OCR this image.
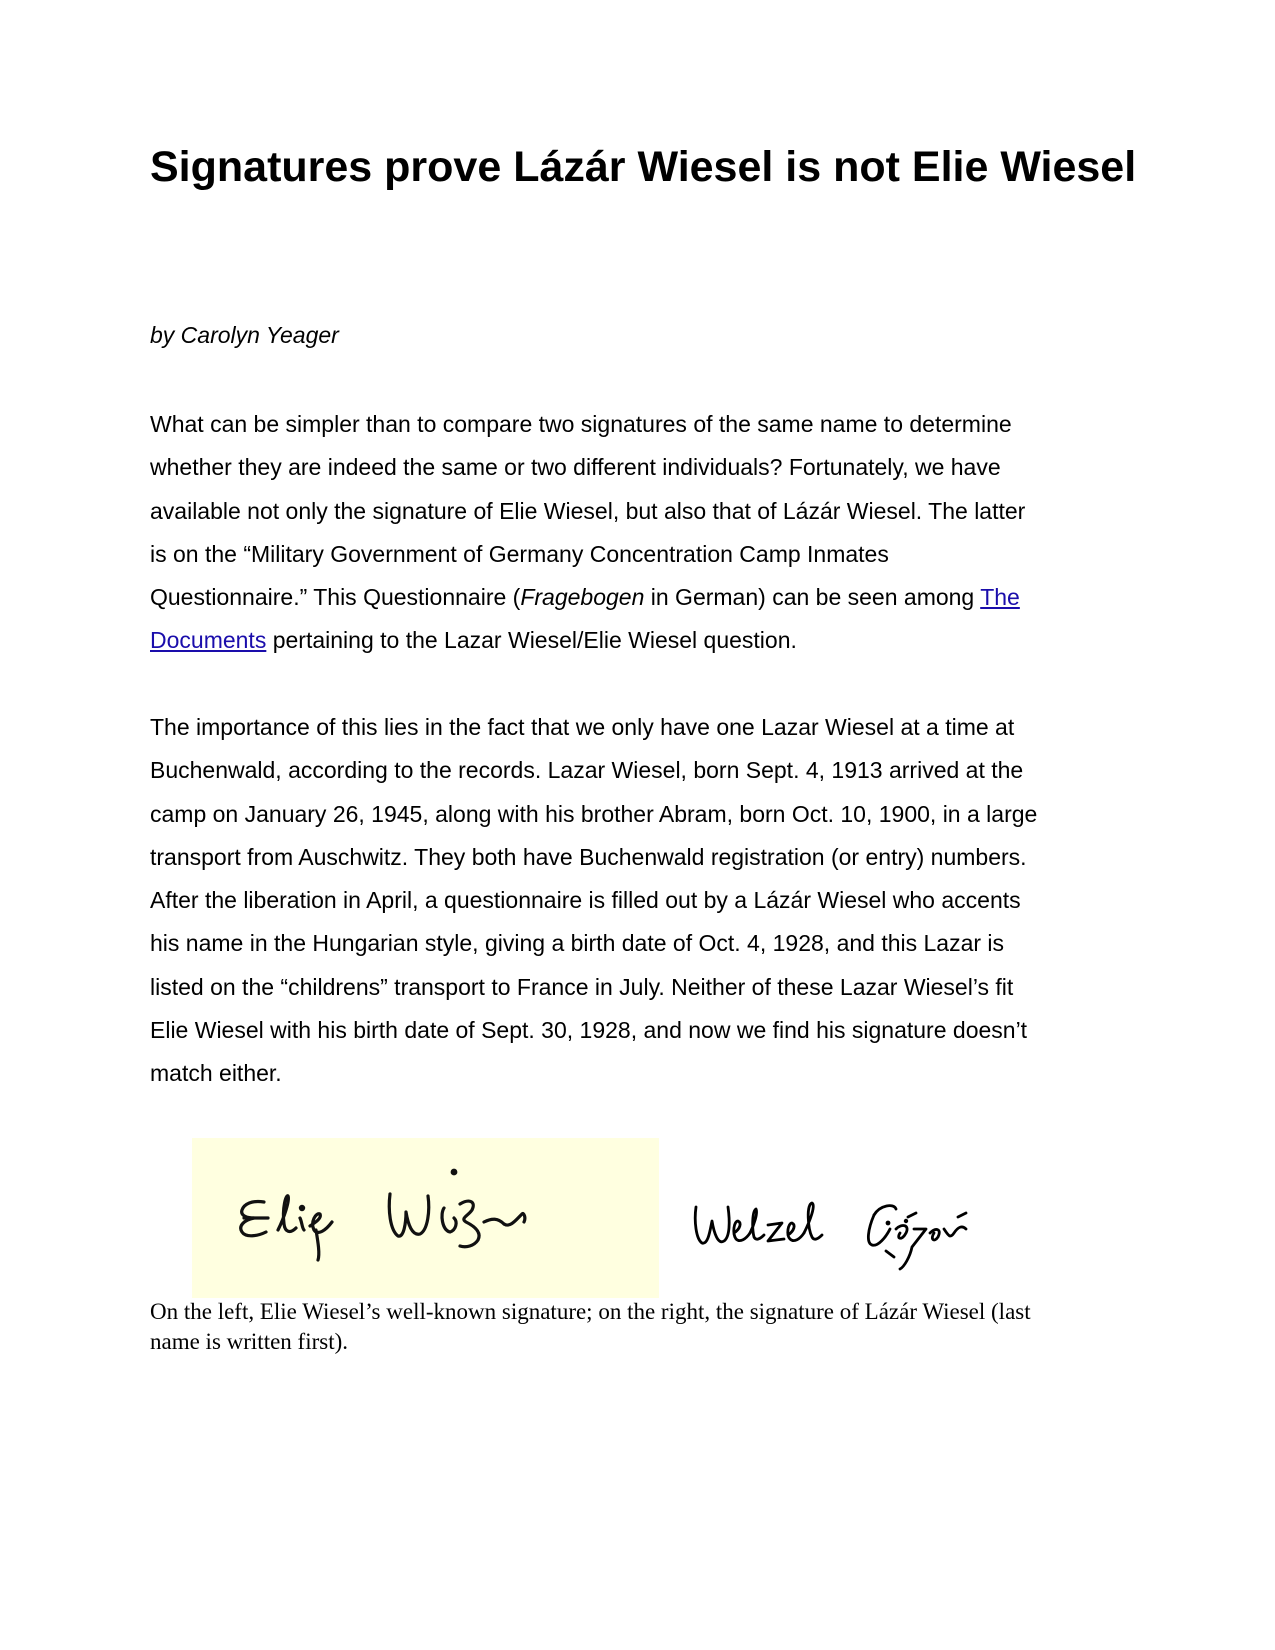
Signatures prove Lázár Wiesel is not Elie Wiesel

by Carolyn Yeager

What can be simpler than to compare two signatures of the same name to determine
whether they are indeed the same or two different individuals? Fortunately, we have
available not only the signature of Elie Wiesel, but also that of Lázár Wiesel. The latter
is on the “Military Government of Germany Concentration Camp Inmates
Questionnaire.” This Questionnaire (Fragebogen in German) can be seen among The
Documents pertaining to the Lazar Wiesel/Elie Wiesel question.

The importance of this lies in the fact that we only have one Lazar Wiesel at a time at
Buchenwald, according to the records. Lazar Wiesel, born Sept. 4, 1913 arrived at the
camp on January 26, 1945, along with his brother Abram, born Oct. 10, 1900, in a large
transport from Auschwitz. They both have Buchenwald registration (or entry) numbers.
After the liberation in April, a questionnaire is filled out by a Lázár Wiesel who accents
his name in the Hungarian style, giving a birth date of Oct. 4, 1928, and this Lazar is
listed on the “childrens” transport to France in July. Neither of these Lazar Wiesel’s fit
Elie Wiesel with his birth date of Sept. 30, 1928, and now we find his signature doesn’t
match either.

On the left, Elie Wiesel’s well-known signature; on the right, the signature of Lázár Wiesel (last
name is written first).
